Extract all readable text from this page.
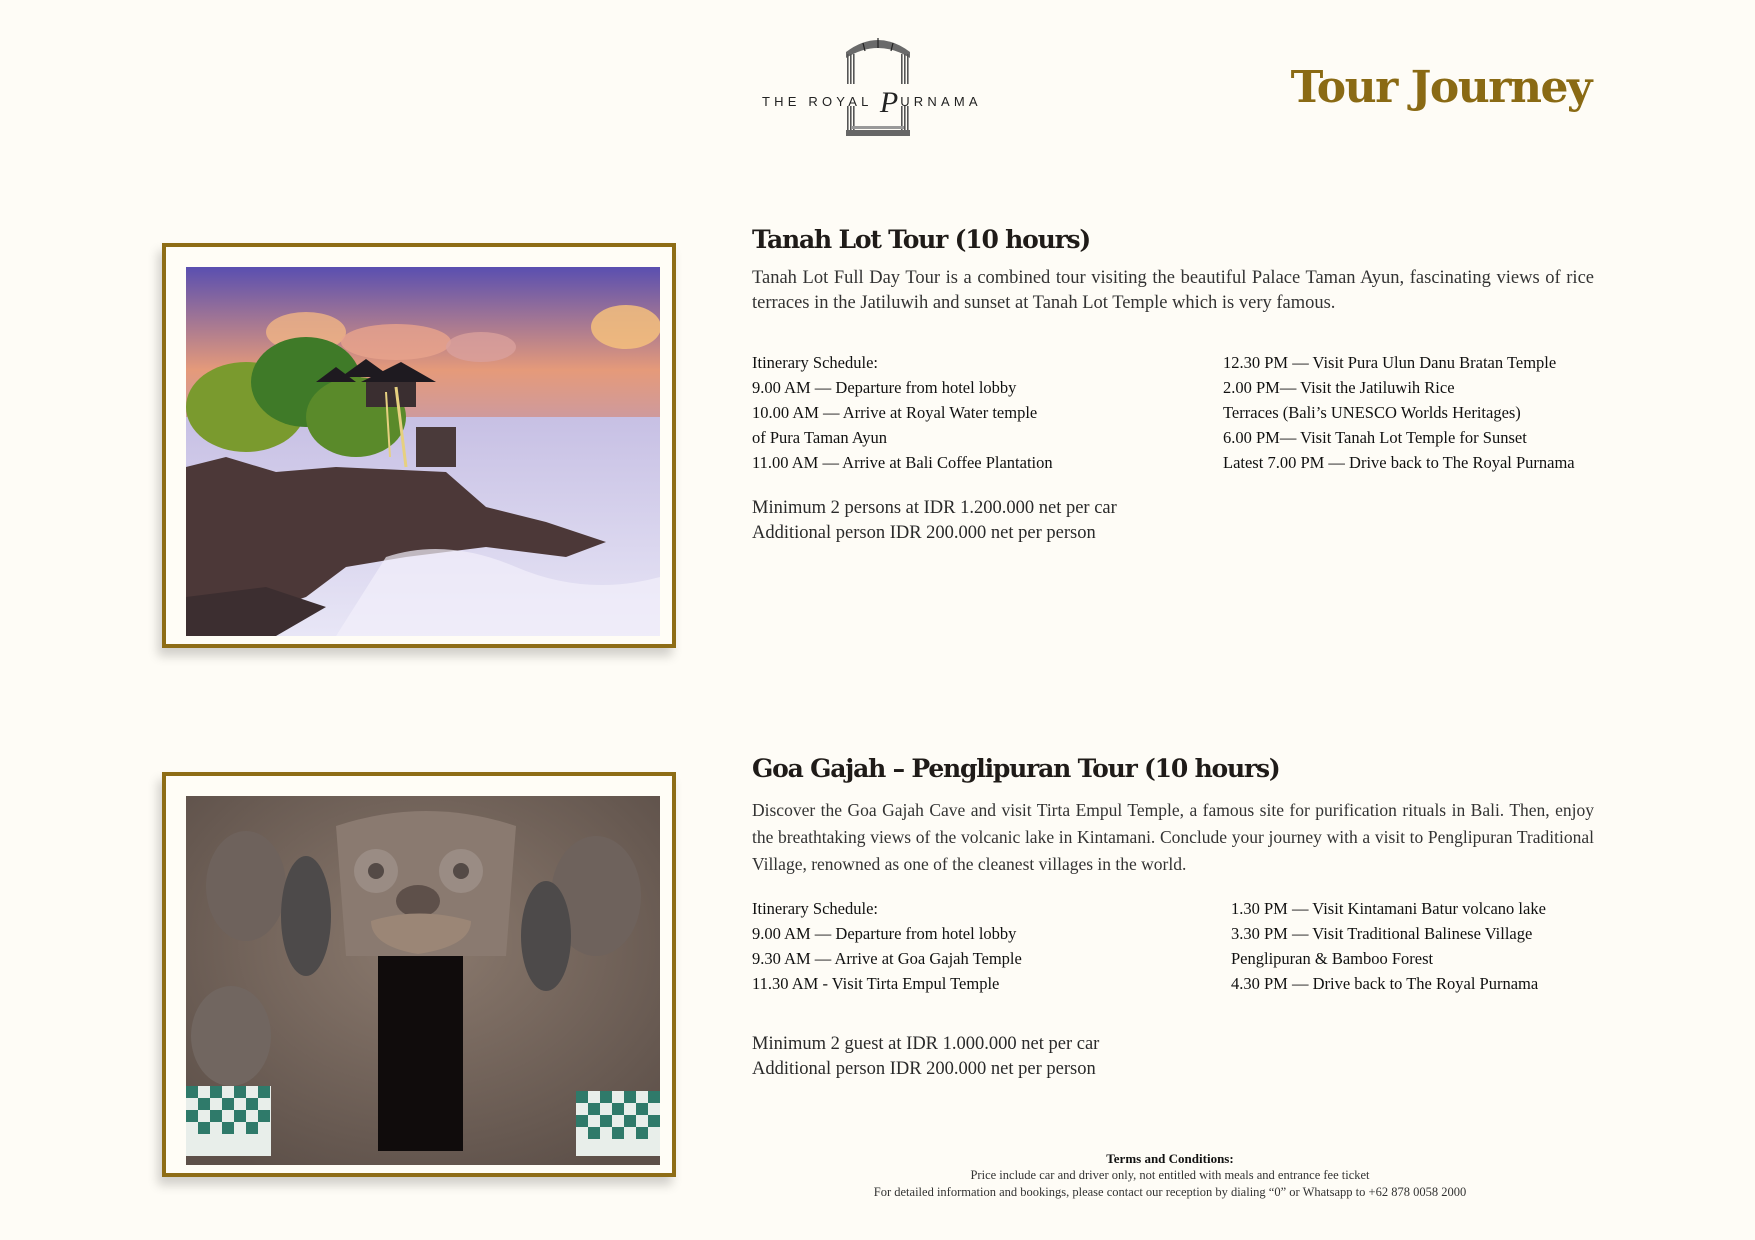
THE ROYAL P URNAMA	Tour Journey
Tanah Lot Tour (10 hours)
Tanah Lot Full Day Tour is a combined tour visiting the beautiful Palace Taman Ayun, fascinating views of rice terraces in the Jatiluwih and sunset at Tanah Lot Temple which is very famous.
Itinerary Schedule:
9.00 AM — Departure from hotel lobby
10.00 AM — Arrive at Royal Water temple
of Pura Taman Ayun
11.00 AM — Arrive at Bali Coffee Plantation
12.30 PM — Visit Pura Ulun Danu Bratan Temple
2.00 PM— Visit the Jatiluwih Rice
Terraces (Bali’s UNESCO Worlds Heritages)
6.00 PM— Visit Tanah Lot Temple for Sunset
Latest 7.00 PM — Drive back to The Royal Purnama
Minimum 2 persons at IDR 1.200.000 net per car
Additional person IDR 200.000 net per person
Goa Gajah – Penglipuran Tour (10 hours)
Discover the Goa Gajah Cave and visit Tirta Empul Temple, a famous site for purification rituals in Bali. Then, enjoy the breathtaking views of the volcanic lake in Kintamani. Conclude your journey with a visit to Penglipuran Traditional Village, renowned as one of the cleanest villages in the world.
Itinerary Schedule:
9.00 AM — Departure from hotel lobby
9.30 AM — Arrive at Goa Gajah Temple
11.30 AM - Visit Tirta Empul Temple
1.30 PM — Visit Kintamani Batur volcano lake
3.30 PM — Visit Traditional Balinese Village
Penglipuran & Bamboo Forest
4.30 PM — Drive back to The Royal Purnama
Minimum 2 guest at IDR 1.000.000 net per car
Additional person IDR 200.000 net per person
Terms and Conditions:
Price include car and driver only, not entitled with meals and entrance fee ticket
For detailed information and bookings, please contact our reception by dialing “0” or Whatsapp to +62 878 0058 2000
